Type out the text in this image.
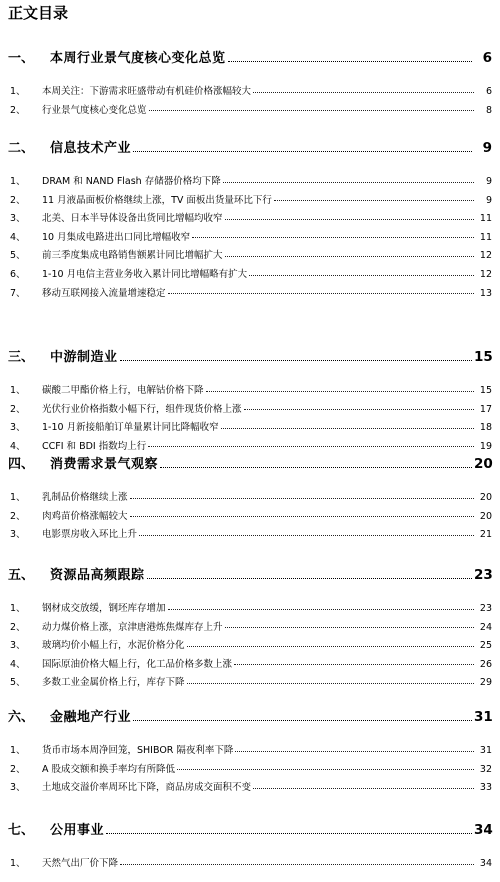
正文目录
一、 本周行业景气度核心变化总览	6
1、	本周关注：下游需求旺盛带动有机硅价格涨幅较大	6
2、	行业景气度核心变化总览	8
二、 信息技术产业	9
1、	DRAM 和 NAND Flash 存储器价格均下降	9
2、	11 月液晶面板价格继续上涨，TV 面板出货量环比下行	9
3、	北美、日本半导体设备出货同比增幅均收窄	11
4、	10 月集成电路进出口同比增幅收窄	11
5、	前三季度集成电路销售额累计同比增幅扩大	12
6、	1-10 月电信主营业务收入累计同比增幅略有扩大	12
7、	移动互联网接入流量增速稳定	13
三、 中游制造业	15
1、	碳酸二甲酯价格上行，电解钴价格下降	15
2、	光伏行业价格指数小幅下行，组件现货价格上涨	17
3、	1-10 月新接船舶订单量累计同比降幅收窄	18
4、	CCFI 和 BDI 指数均上行	19
四、 消费需求景气观察	20
1、	乳制品价格继续上涨	20
2、	肉鸡苗价格涨幅较大	20
3、	电影票房收入环比上升	21
五、 资源品高频跟踪	23
1、	钢材成交放缓，钢坯库存增加	23
2、	动力煤价格上涨，京津唐港炼焦煤库存上升	24
3、	玻璃均价小幅上行，水泥价格分化	25
4、	国际原油价格大幅上行，化工品价格多数上涨	26
5、	多数工业金属价格上行，库存下降	29
六、 金融地产行业	31
1、	货币市场本周净回笼，SHIBOR 隔夜利率下降	31
2、	A 股成交额和换手率均有所降低	32
3、	土地成交溢价率周环比下降，商品房成交面积不变	33
七、 公用事业	34
1、	天然气出厂价下降	34
